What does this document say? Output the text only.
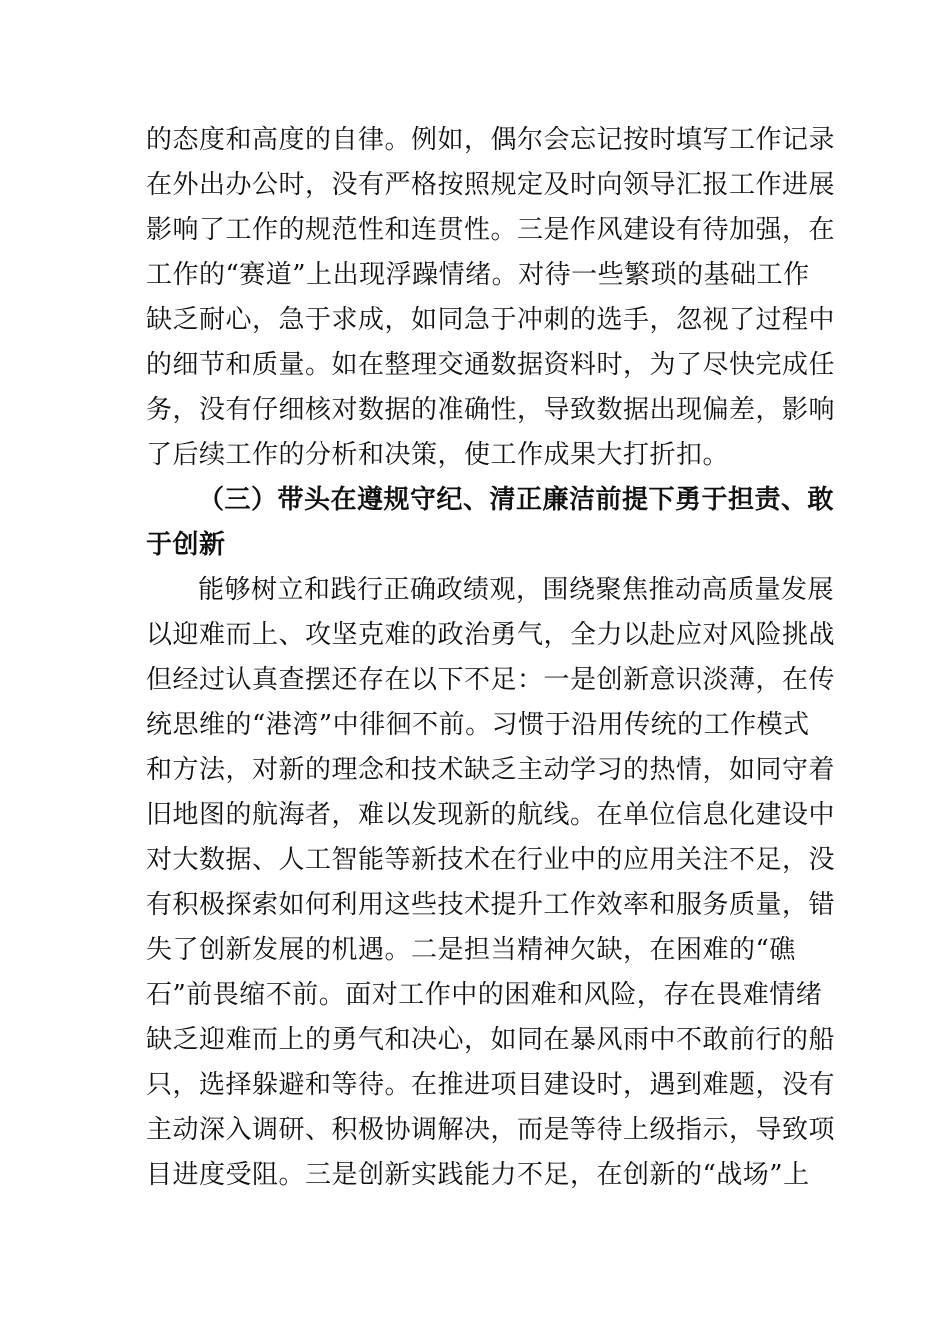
的态度和高度的自律。例如，偶尔会忘记按时填写工作记录
在外出办公时，没有严格按照规定及时向领导汇报工作进展
影响了工作的规范性和连贯性。三是作风建设有待加强，在
工作的“赛道”上出现浮躁情绪。对待一些繁琐的基础工作
缺乏耐心，急于求成，如同急于冲刺的选手，忽视了过程中
的细节和质量。如在整理交通数据资料时，为了尽快完成任
务，没有仔细核对数据的准确性，导致数据出现偏差，影响
了后续工作的分析和决策，使工作成果大打折扣。
（三）带头在遵规守纪、清正廉洁前提下勇于担责、敢
于创新
能够树立和践行正确政绩观，围绕聚焦推动高质量发展
以迎难而上、攻坚克难的政治勇气，全力以赴应对风险挑战
但经过认真查摆还存在以下不足：一是创新意识淡薄，在传
统思维的“港湾”中徘徊不前。习惯于沿用传统的工作模式
和方法，对新的理念和技术缺乏主动学习的热情，如同守着
旧地图的航海者，难以发现新的航线。在单位信息化建设中
对大数据、人工智能等新技术在行业中的应用关注不足，没
有积极探索如何利用这些技术提升工作效率和服务质量，错
失了创新发展的机遇。二是担当精神欠缺，在困难的“礁
石”前畏缩不前。面对工作中的困难和风险，存在畏难情绪
缺乏迎难而上的勇气和决心，如同在暴风雨中不敢前行的船
只，选择躲避和等待。在推进项目建设时，遇到难题，没有
主动深入调研、积极协调解决，而是等待上级指示，导致项
目进度受阻。三是创新实践能力不足，在创新的“战场”上
